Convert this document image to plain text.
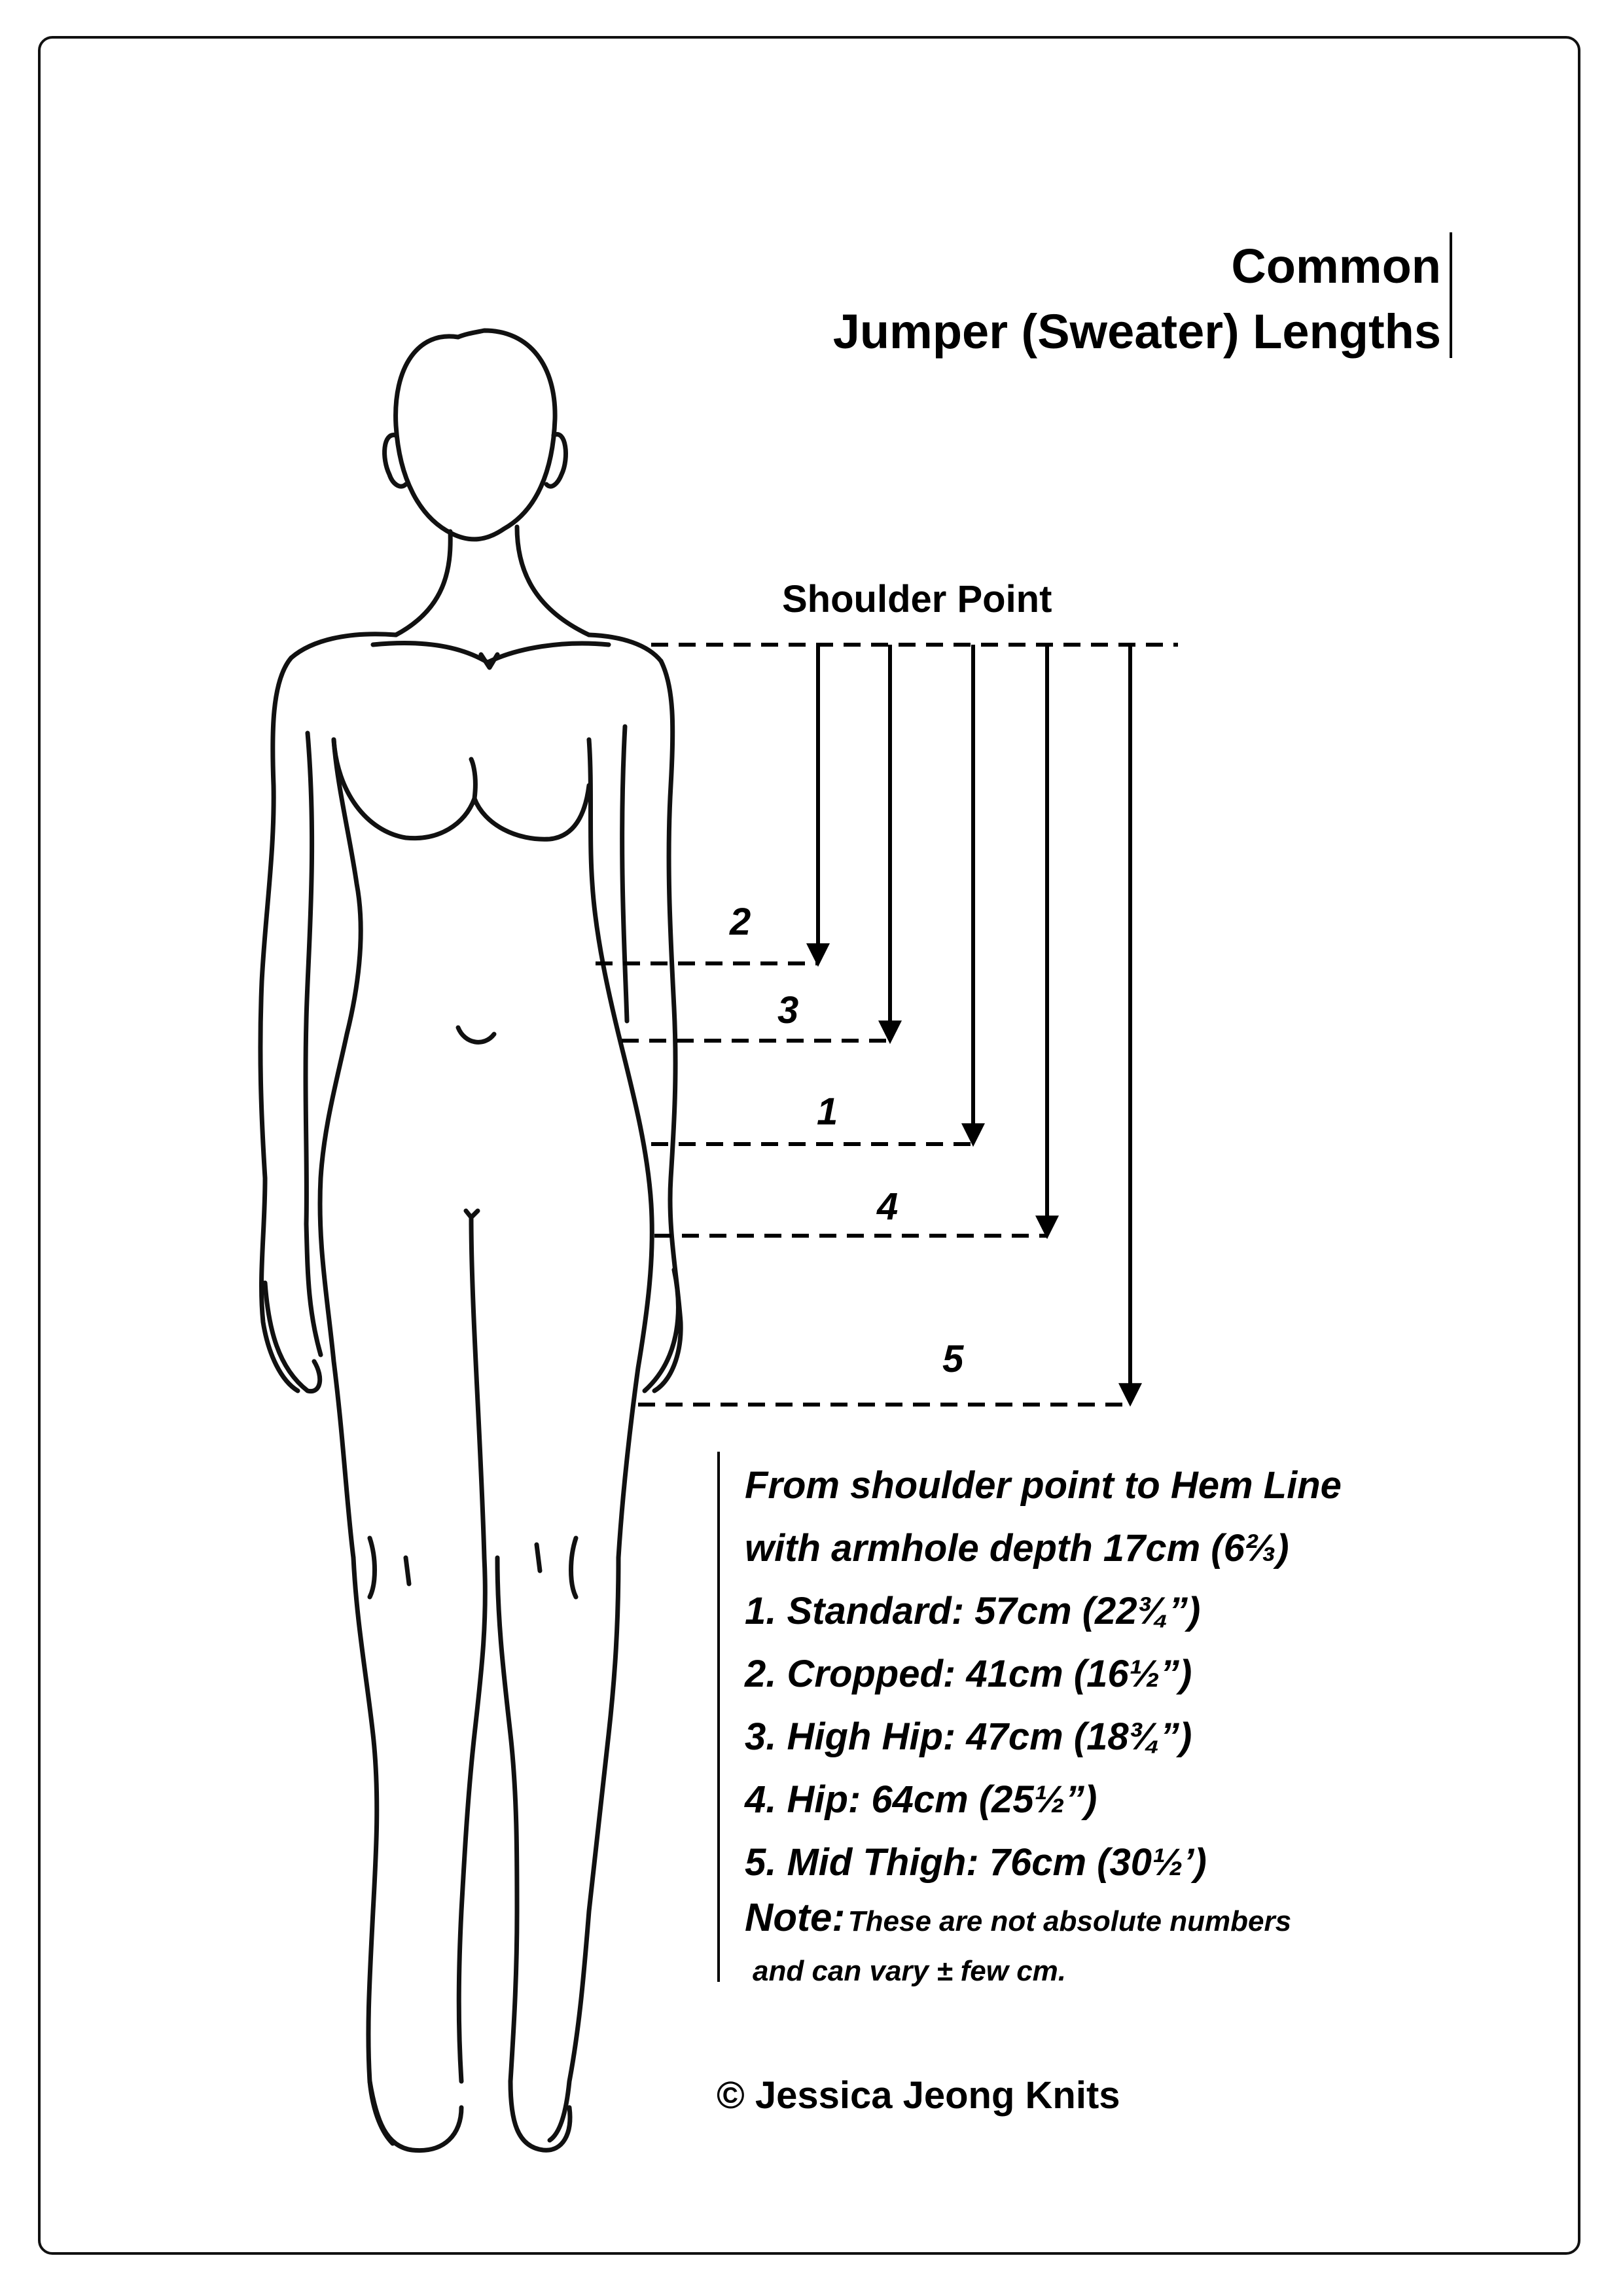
Common
Jumper (Sweater) Lengths
Shoulder Point
2
3
1
4
5
From shoulder point to Hem Line
with armhole depth 17cm (6⅔)
1. Standard: 57cm (22¾”)
2. Cropped: 41cm (16½”)
3. High Hip: 47cm (18¾”)
4. Hip: 64cm (25½”)
5. Mid Thigh: 76cm (30½’)
Note: These are not absolute numbers
and can vary ± few cm.
© Jessica Jeong Knits
